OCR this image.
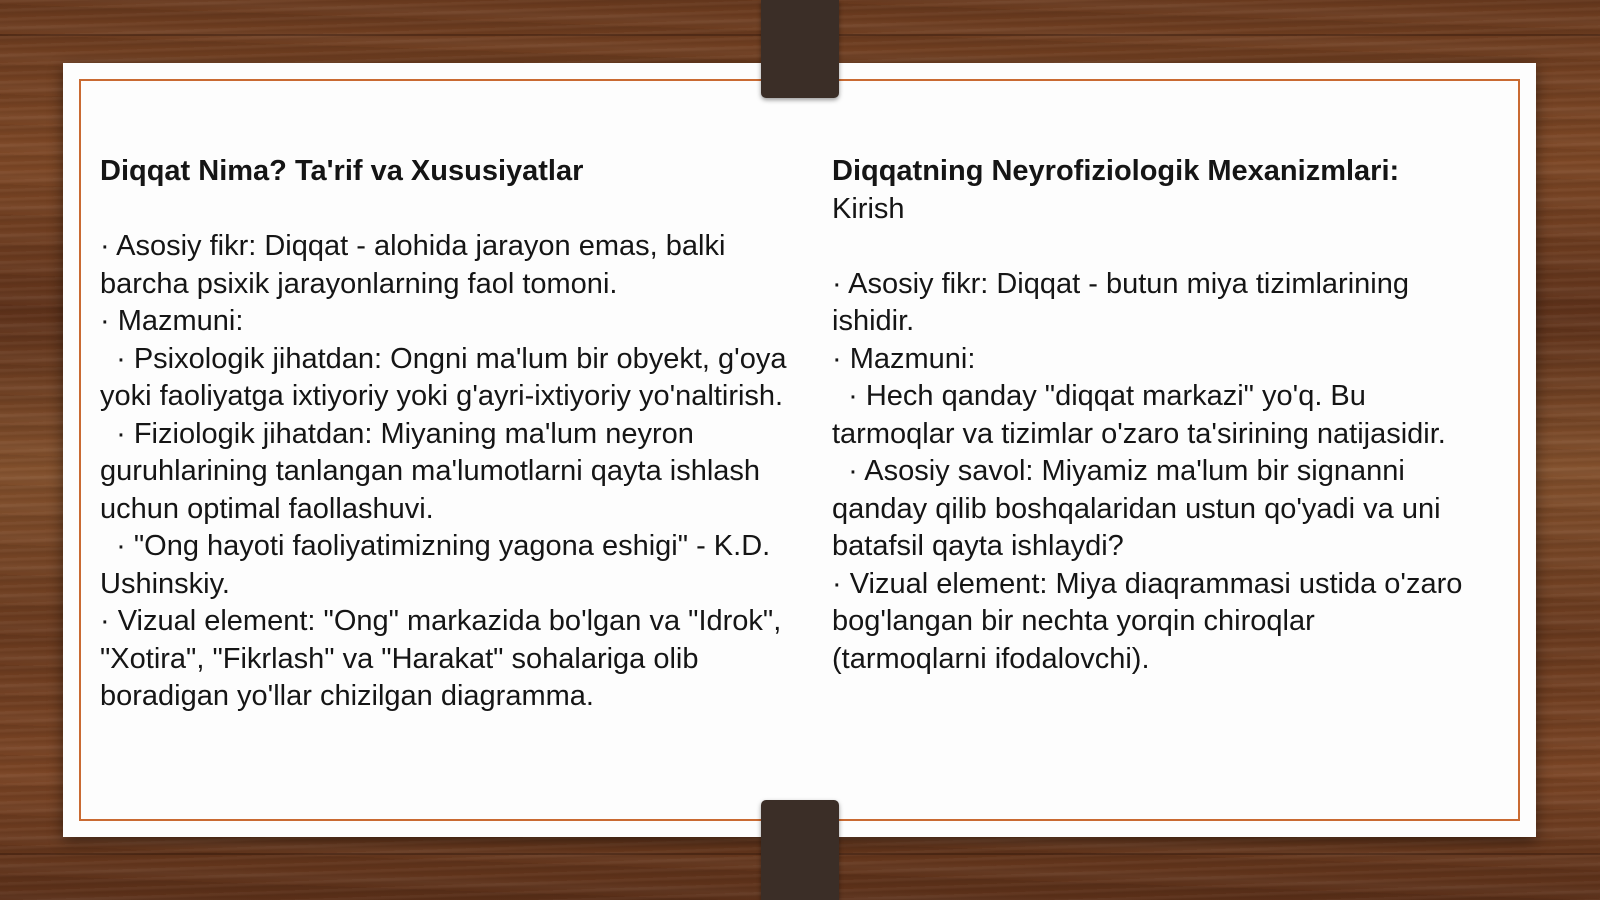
Diqqat Nima? Ta'rif va Xususiyatlar

· Asosiy fikr: Diqqat - alohida jarayon emas, balki barcha psixik jarayonlarning faol tomoni.

· Mazmuni:

· Psixologik jihatdan: Ongni ma'lum bir obyekt, g'oya yoki faoliyatga ixtiyoriy yoki g'ayri-ixtiyoriy yo'naltirish.

· Fiziologik jihatdan: Miyaning ma'lum neyron guruhlarining tanlangan ma'lumotlarni qayta ishlash uchun optimal faollashuvi.

· "Ong hayoti faoliyatimizning yagona eshigi" - K.D. Ushinskiy.

· Vizual element: "Ong" markazida bo'lgan va "Idrok", "Xotira", "Fikrlash" va "Harakat" sohalariga olib boradigan yo'llar chizilgan diagramma.

Diqqatning Neyrofiziologik Mexanizmlari:

Kirish

· Asosiy fikr: Diqqat - butun miya tizimlarining ishidir.

· Mazmuni:

· Hech qanday "diqqat markazi" yo'q. Bu tarmoqlar va tizimlar o'zaro ta'sirining natijasidir.

· Asosiy savol: Miyamiz ma'lum bir signanni qanday qilib boshqalaridan ustun qo'yadi va uni batafsil qayta ishlaydi?

· Vizual element: Miya diaqrammasi ustida o'zaro bog'langan bir nechta yorqin chiroqlar (tarmoqlarni ifodalovchi).
